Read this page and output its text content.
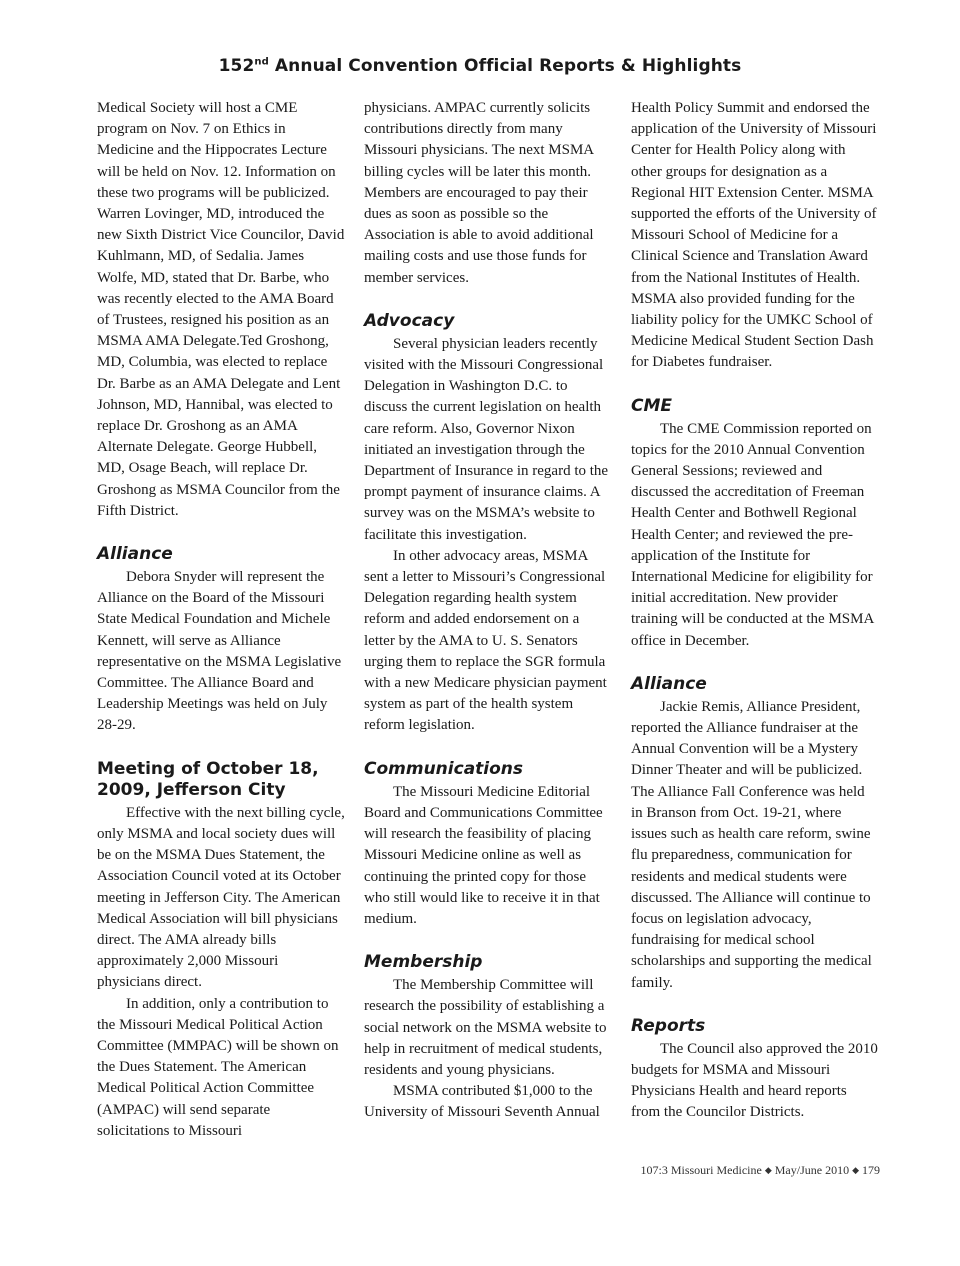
152nd Annual Convention Official Reports & Highlights

Medical Society will host a CME program on Nov. 7 on Ethics in Medicine and the Hippocrates Lecture will be held on Nov. 12. Information on these two programs will be publicized. Warren Lovinger, MD, introduced the new Sixth District Vice Councilor, David Kuhlmann, MD, of Sedalia. James Wolfe, MD, stated that Dr. Barbe, who was recently elected to the AMA Board of Trustees, resigned his position as an MSMA AMA Delegate.Ted Groshong, MD, Columbia, was elected to replace Dr. Barbe as an AMA Delegate and Lent Johnson, MD, Hannibal, was elected to replace Dr. Groshong as an AMA Alternate Delegate. George Hubbell, MD, Osage Beach, will replace Dr. Groshong as MSMA Councilor from the Fifth District.

Alliance

Debora Snyder will represent the Alliance on the Board of the Missouri State Medical Foundation and Michele Kennett, will serve as Alliance representative on the MSMA Legislative Committee. The Alliance Board and Leadership Meetings was held on July 28-29.

Meeting of October 18, 2009, Jefferson City

Effective with the next billing cycle, only MSMA and local society dues will be on the MSMA Dues Statement, the Association Council voted at its October meeting in Jefferson City. The American Medical Association will bill physicians direct. The AMA already bills approximately 2,000 Missouri physicians direct.

In addition, only a contribution to the Missouri Medical Political Action Committee (MMPAC) will be shown on the Dues Statement. The American Medical Political Action Committee (AMPAC) will send separate solicitations to Missouri

physicians. AMPAC currently solicits contributions directly from many Missouri physicians. The next MSMA billing cycles will be later this month. Members are encouraged to pay their dues as soon as possible so the Association is able to avoid additional mailing costs and use those funds for member services.

Advocacy

Several physician leaders recently visited with the Missouri Congressional Delegation in Washington D.C. to discuss the current legislation on health care reform. Also, Governor Nixon initiated an investigation through the Department of Insurance in regard to the prompt payment of insurance claims. A survey was on the MSMA’s website to facilitate this investigation.

In other advocacy areas, MSMA sent a letter to Missouri’s Congressional Delegation regarding health system reform and added endorsement on a letter by the AMA to U. S. Senators urging them to replace the SGR formula with a new Medicare physician payment system as part of the health system reform legislation.

Communications

The Missouri Medicine Editorial Board and Communications Committee will research the feasibility of placing Missouri Medicine online as well as continuing the printed copy for those who still would like to receive it in that medium.

Membership

The Membership Committee will research the possibility of establishing a social network on the MSMA website to help in recruitment of medical students, residents and young physicians.

MSMA contributed $1,000 to the University of Missouri Seventh Annual

Health Policy Summit and endorsed the application of the University of Missouri Center for Health Policy along with other groups for designation as a Regional HIT Extension Center. MSMA supported the efforts of the University of Missouri School of Medicine for a Clinical Science and Translation Award from the National Institutes of Health. MSMA also provided funding for the liability policy for the UMKC School of Medicine Medical Student Section Dash for Diabetes fundraiser.

CME

The CME Commission reported on topics for the 2010 Annual Convention General Sessions; reviewed and discussed the accreditation of Freeman Health Center and Bothwell Regional Health Center; and reviewed the pre-application of the Institute for International Medicine for eligibility for initial accreditation. New provider training will be conducted at the MSMA office in December.

Alliance

Jackie Remis, Alliance President, reported the Alliance fundraiser at the Annual Convention will be a Mystery Dinner Theater and will be publicized. The Alliance Fall Conference was held in Branson from Oct. 19-21, where issues such as health care reform, swine flu preparedness, communication for residents and medical students were discussed. The Alliance will continue to focus on legislation advocacy, fundraising for medical school scholarships and supporting the medical family.

Reports

The Council also approved the 2010 budgets for MSMA and Missouri Physicians Health and heard reports from the Councilor Districts.

107:3 Missouri Medicine ◆ May/June 2010 ◆ 179
